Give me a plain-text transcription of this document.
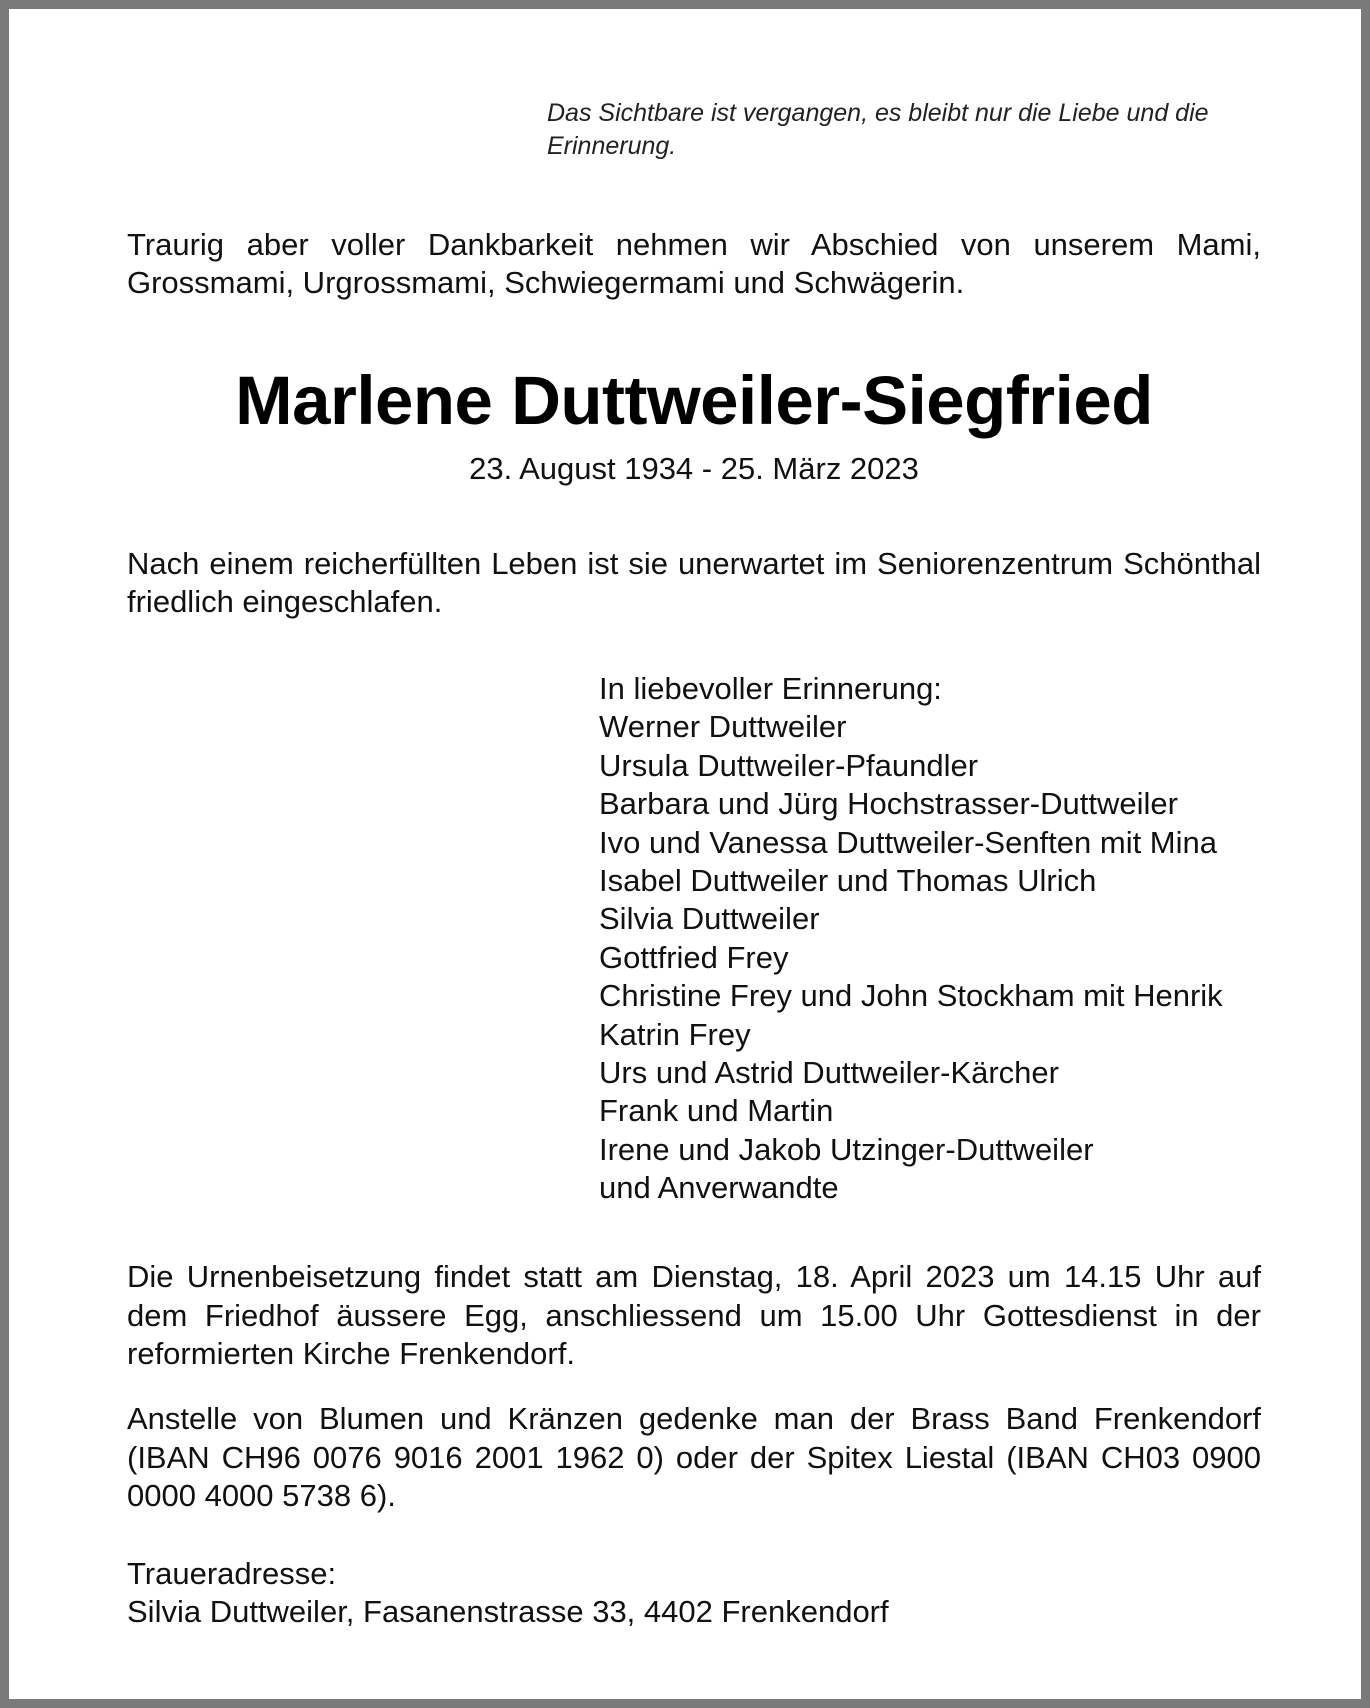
Das Sichtbare ist vergangen, es bleibt nur die Liebe und die Erinnerung.
Traurig aber voller Dankbarkeit nehmen wir Abschied von unserem Mami, Grossmami, Urgrossmami, Schwiegermami und Schwägerin.
Marlene Duttweiler-Siegfried
23. August 1934 - 25. März 2023
Nach einem reicherfüllten Leben ist sie unerwartet im Seniorenzentrum Schönthal friedlich eingeschlafen.
In liebevoller Erinnerung:
Werner Duttweiler
Ursula Duttweiler-Pfaundler
Barbara und Jürg Hochstrasser-Duttweiler
Ivo und Vanessa Duttweiler-Senften mit Mina
Isabel Duttweiler und Thomas Ulrich
Silvia Duttweiler
Gottfried Frey
Christine Frey und John Stockham mit Henrik
Katrin Frey
Urs und Astrid Duttweiler-Kärcher
Frank und Martin
Irene und Jakob Utzinger-Duttweiler
und Anverwandte
Die Urnenbeisetzung findet statt am Dienstag, 18. April 2023 um 14.15 Uhr auf dem Friedhof äussere Egg, anschliessend um 15.00 Uhr Gottesdienst in der reformierten Kirche Frenkendorf.
Anstelle von Blumen und Kränzen gedenke man der Brass Band Frenkendorf (IBAN CH96 0076 9016 2001 1962 0) oder der Spitex Liestal (IBAN CH03 0900 0000 4000 5738 6).
Traueradresse:
Silvia Duttweiler, Fasanenstrasse 33, 4402 Frenkendorf
